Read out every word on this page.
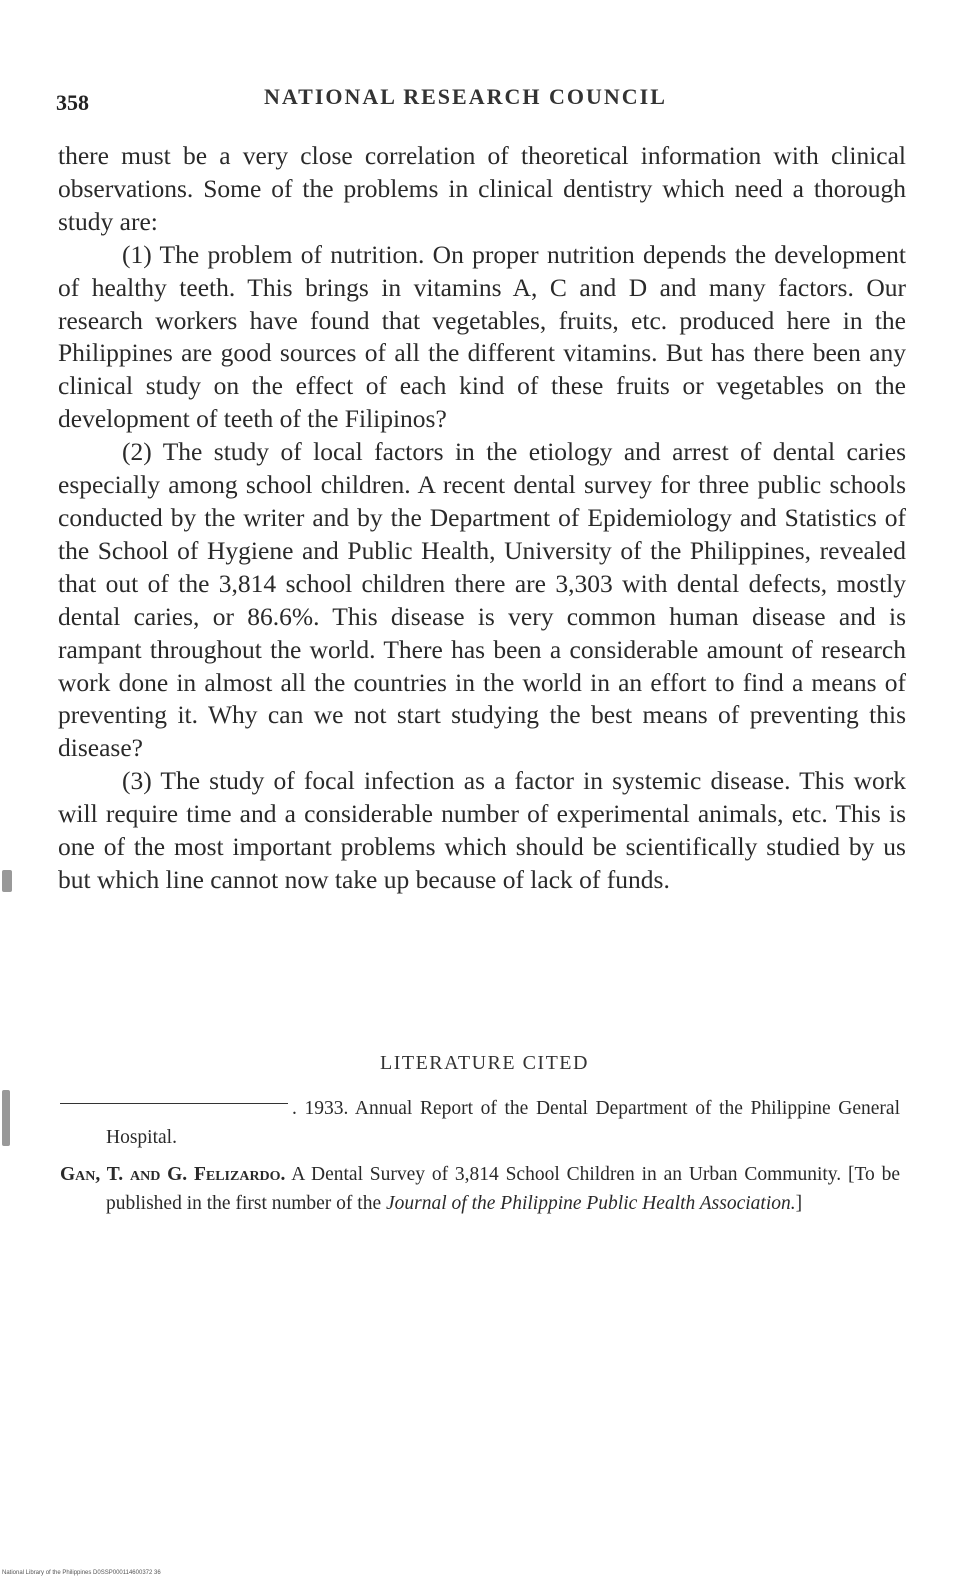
358	NATIONAL RESEARCH COUNCIL

there must be a very close correlation of theoretical information with clinical observations. Some of the problems in clinical dentistry which need a thorough study are:

(1) The problem of nutrition. On proper nutrition depends the development of healthy teeth. This brings in vitamins A, C and D and many factors. Our research workers have found that vegetables, fruits, etc. produced here in the Philippines are good sources of all the different vitamins. But has there been any clinical study on the effect of each kind of these fruits or vegetables on the development of teeth of the Filipinos?

(2) The study of local factors in the etiology and arrest of dental caries especially among school children. A recent dental survey for three public schools conducted by the writer and by the Department of Epidemiology and Statistics of the School of Hygiene and Public Health, University of the Philippines, revealed that out of the 3,814 school children there are 3,303 with dental defects, mostly dental caries, or 86.6%. This disease is very common human disease and is rampant throughout the world. There has been a considerable amount of research work done in almost all the countries in the world in an effort to find a means of preventing it. Why can we not start studying the best means of preventing this disease?

(3) The study of focal infection as a factor in systemic disease. This work will require time and a considerable number of experimental animals, etc. This is one of the most important problems which should be scientifically studied by us but which line cannot now take up because of lack of funds.

LITERATURE CITED

. 1933. Annual Report of the Dental Department of the Philippine General Hospital.

Gan, T. and G. Felizardo. A Dental Survey of 3,814 School Children in an Urban Community. [To be published in the first number of the Journal of the Philippine Public Health Association.]

National Library of the Philippines D0SSP000114600372 36
